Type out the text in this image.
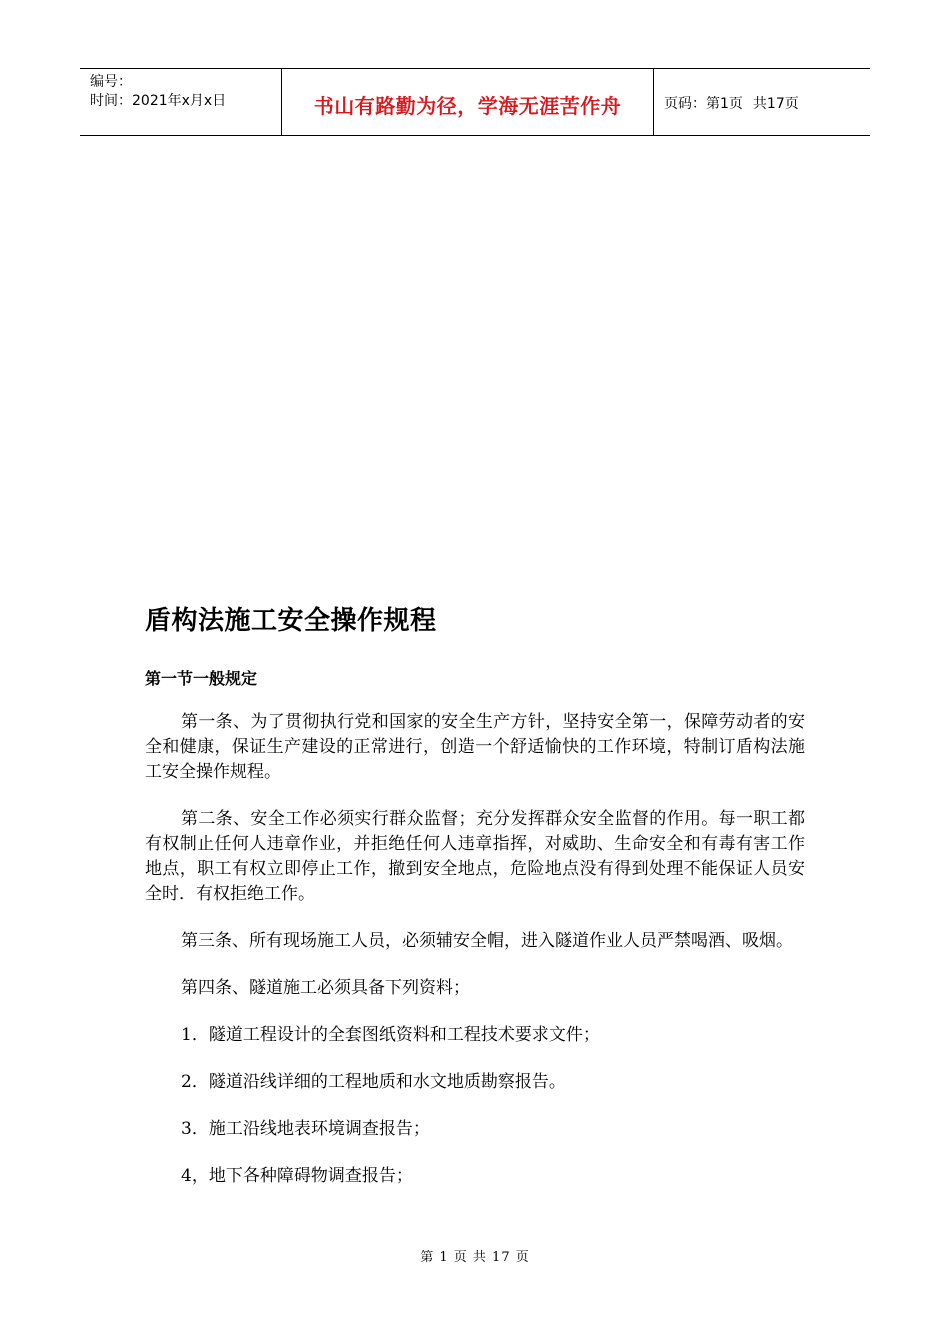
编号：
时间：2021年x月x日	书山有路勤为径，学海无涯苦作舟	页码：第1页 共17页
盾构法施工安全操作规程
第一节一般规定

第一条、为了贯彻执行党和国家的安全生产方针，坚持安全第一，保障劳动者的安全和健康，保证生产建设的正常进行，创造一个舒适愉快的工作环境，特制订盾构法施工安全操作规程。

第二条、安全工作必须实行群众监督；充分发挥群众安全监督的作用。每一职工都有权制止任何人违章作业，并拒绝任何人违章指挥，对威助、生命安全和有毒有害工作地点，职工有权立即停止工作，撤到安全地点，危险地点没有得到处理不能保证人员安全时．有权拒绝工作。

第三条、所有现场施工人员，必须辅安全帽，进入隧道作业人员严禁喝酒、吸烟。

第四条、隧道施工必须具备下列资料；

1．隧道工程设计的全套图纸资料和工程技术要求文件；

2．隧道沿线详细的工程地质和水文地质勘察报告。

3．施工沿线地表环境调查报告；

4，地下各种障碍物调查报告；

第 1 页 共 17 页
